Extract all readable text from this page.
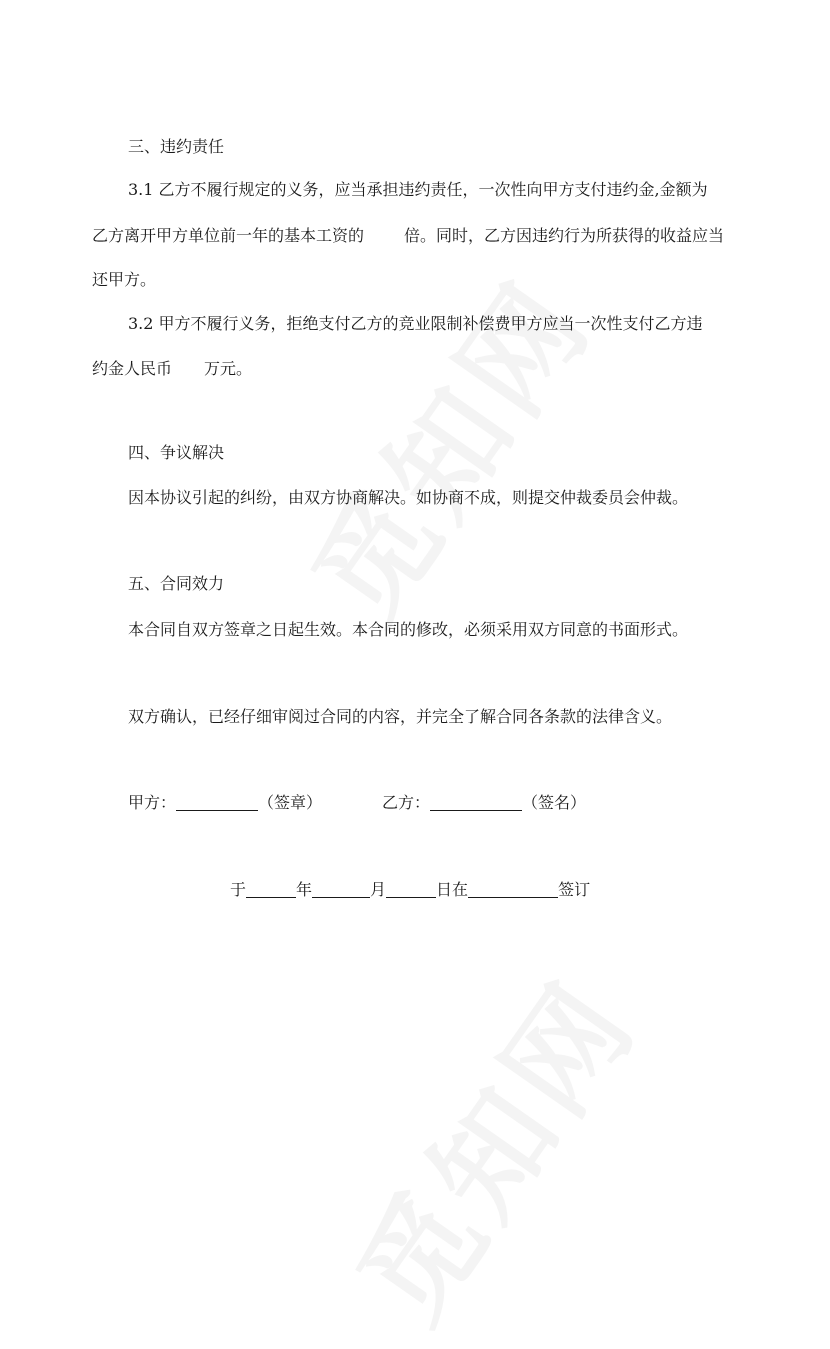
三、违约责任
3.1 乙方不履行规定的义务，应当承担违约责任，一次性向甲方支付违约金,金额为
乙方离开甲方单位前一年的基本工资的	倍。同时，乙方因违约行为所获得的收益应当
还甲方。
3.2 甲方不履行义务，拒绝支付乙方的竞业限制补偿费甲方应当一次性支付乙方违
约金人民币 万元。
四、争议解决
因本协议引起的纠纷，由双方协商解决。如协商不成，则提交仲裁委员会仲裁。
五、合同效力
本合同自双方签章之日起生效。本合同的修改，必须采用双方同意的书面形式。
双方确认，已经仔细审阅过合同的内容，并完全了解合同各条款的法律含义。
甲方：	（签章）	乙方：	（签名）
于	年	月	日在	签订
